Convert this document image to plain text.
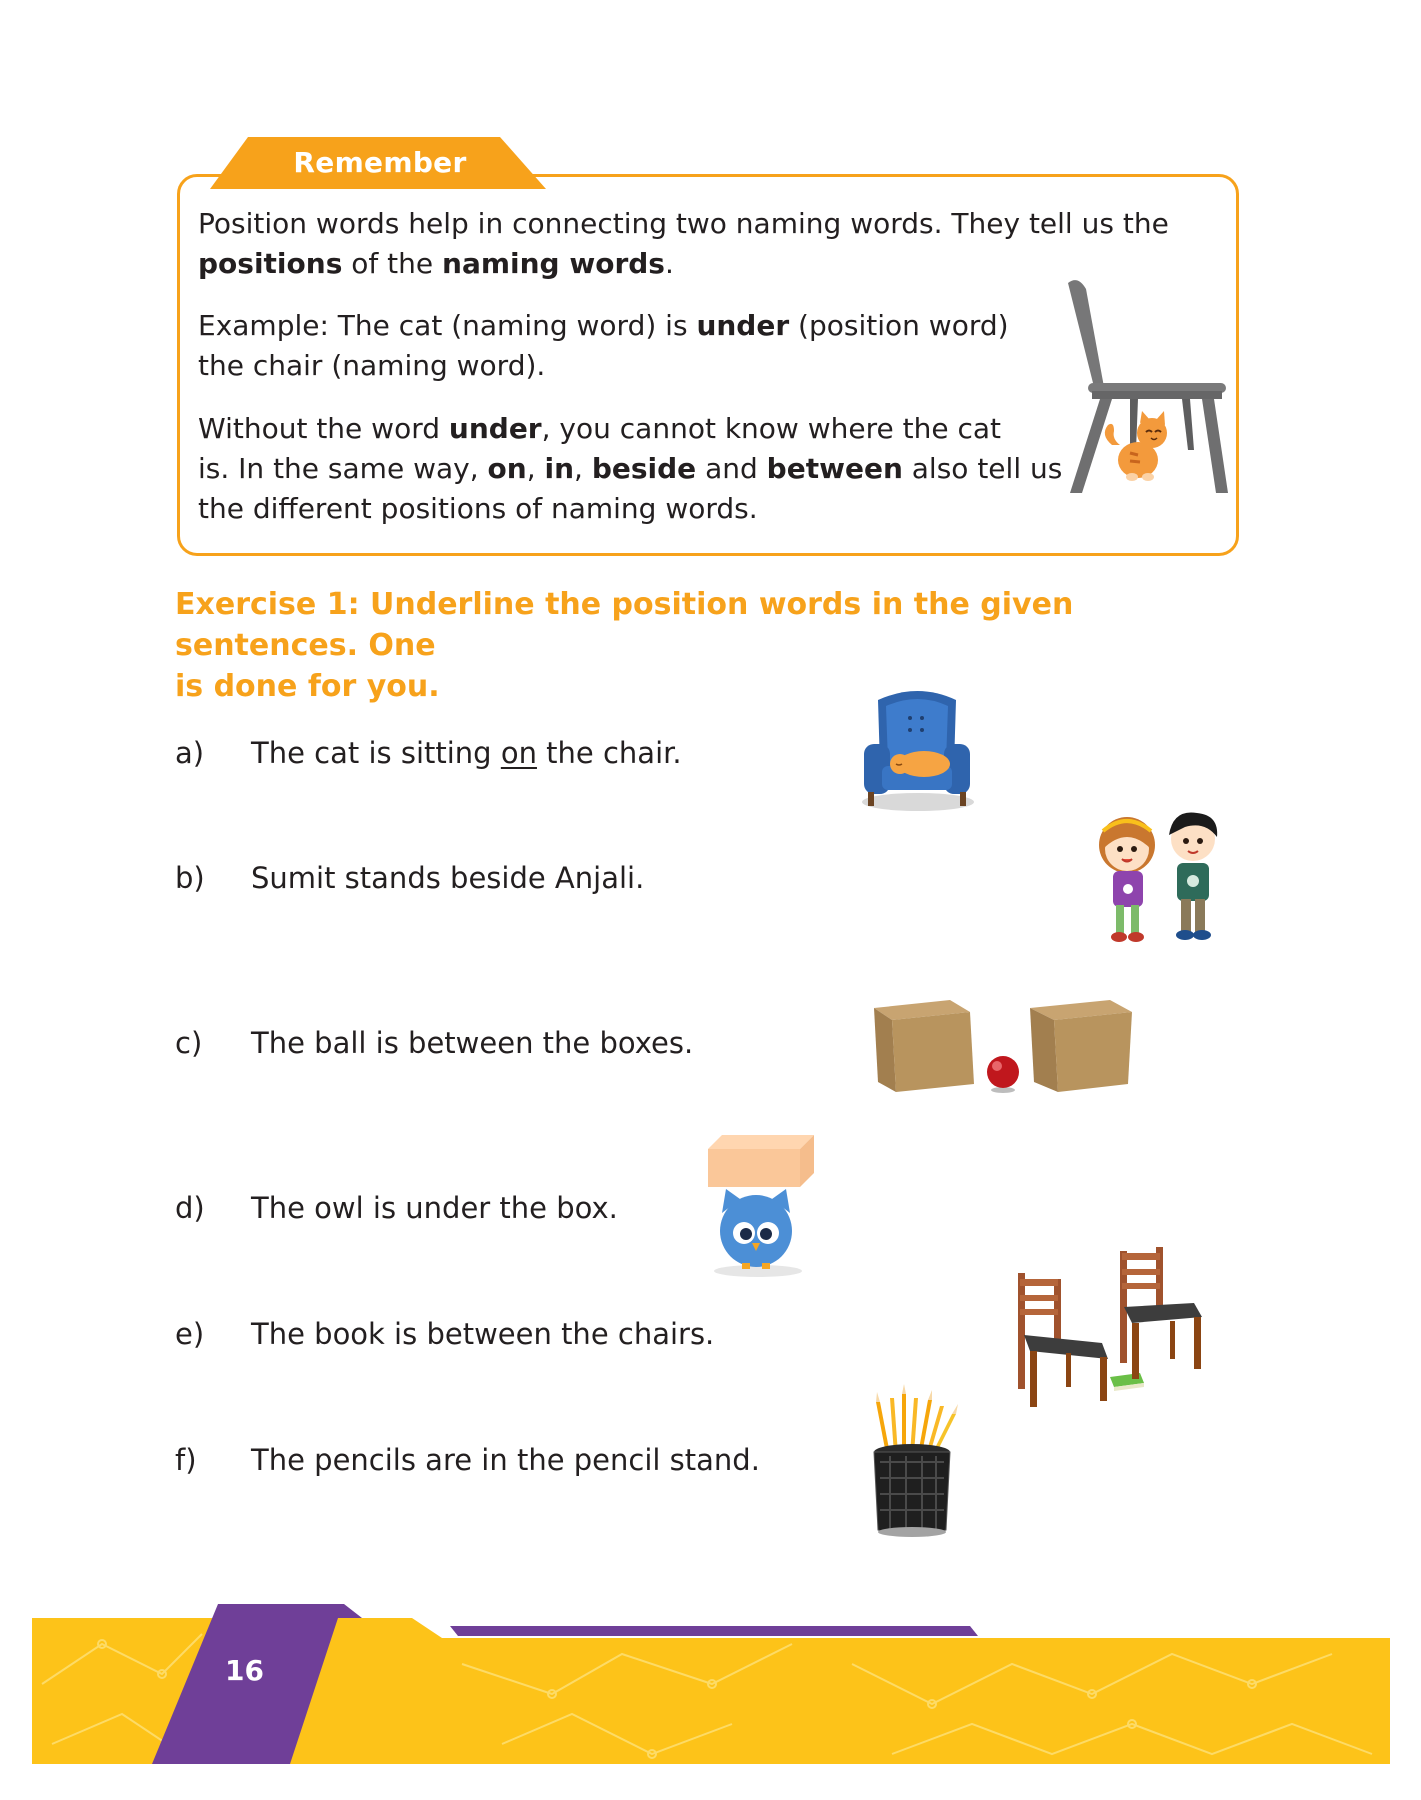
Remember

Position words help in connecting two naming words. They tell us the
positions of the naming words.

Example: The cat (naming word) is under (position word)
the chair (naming word).

Without the word under, you cannot know where the cat
is. In the same way, on, in, beside and between also tell us
the different positions of naming words.

Exercise 1: Underline the position words in the given sentences. One
is done for you.

a) The cat is sitting on the chair.
b) Sumit stands beside Anjali.
c) The ball is between the boxes.
d) The owl is under the box.
e) The book is between the chairs.
f) The pencils are in the pencil stand.
16
